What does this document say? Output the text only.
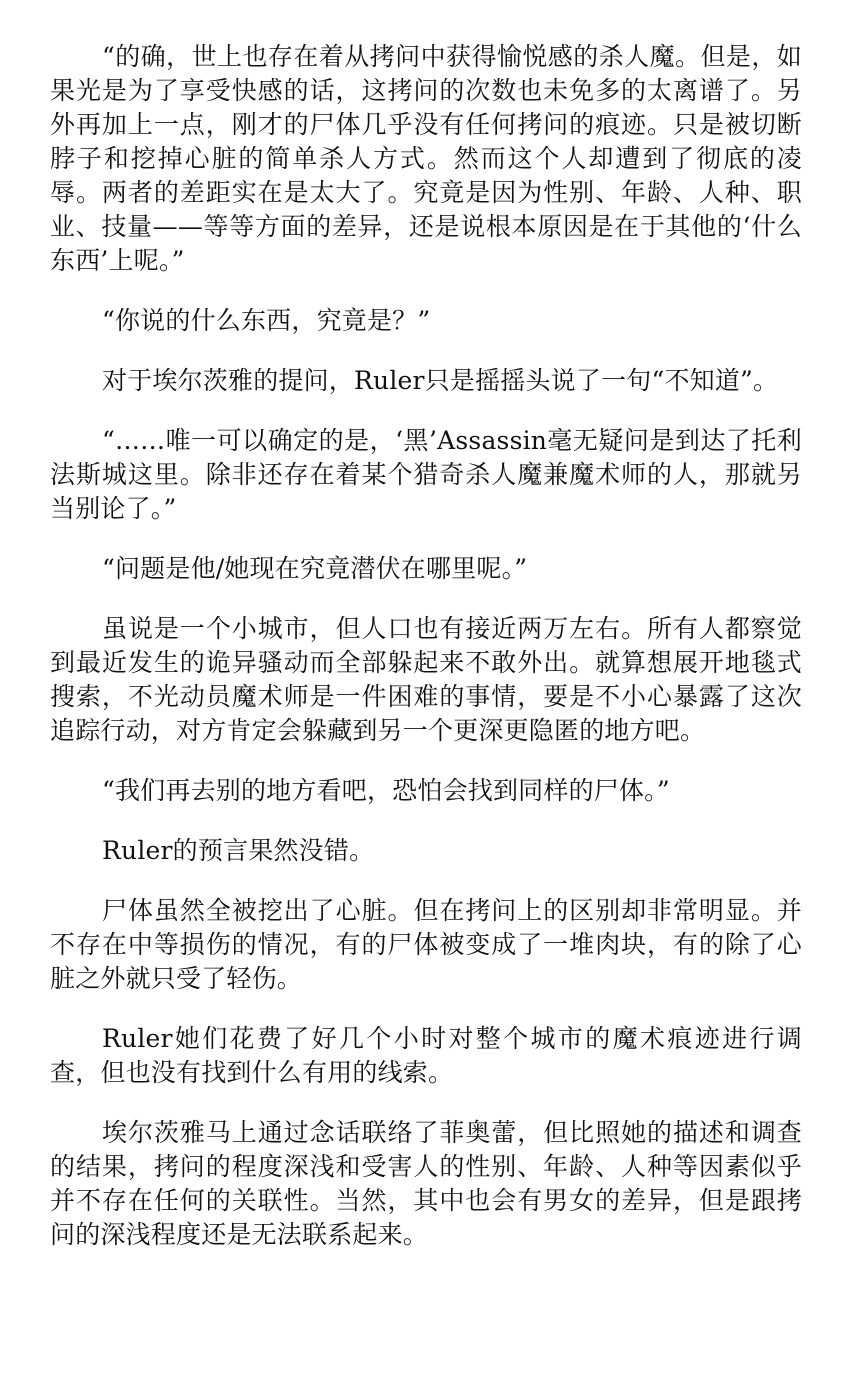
“的确，世上也存在着从拷问中获得愉悦感的杀人魔。但是，如果光是为了享受快感的话，这拷问的次数也未免多的太离谱了。另外再加上一点，刚才的尸体几乎没有任何拷问的痕迹。只是被切断脖子和挖掉心脏的简单杀人方式。然而这个人却遭到了彻底的凌辱。两者的差距实在是太大了。究竟是因为性别、年龄、人种、职业、技量——等等方面的差异，还是说根本原因是在于其他的‘什么东西’上呢。”

“你说的什么东西，究竟是？”

对于埃尔茨雅的提问，Ruler只是摇摇头说了一句“不知道”。

“……唯一可以确定的是，‘黑’Assassin毫无疑问是到达了托利法斯城这里。除非还存在着某个猎奇杀人魔兼魔术师的人，那就另当别论了。”

“问题是他/她现在究竟潜伏在哪里呢。”

虽说是一个小城市，但人口也有接近两万左右。所有人都察觉到最近发生的诡异骚动而全部躲起来不敢外出。就算想展开地毯式搜索，不光动员魔术师是一件困难的事情，要是不小心暴露了这次追踪行动，对方肯定会躲藏到另一个更深更隐匿的地方吧。

“我们再去别的地方看吧，恐怕会找到同样的尸体。”

Ruler的预言果然没错。

尸体虽然全被挖出了心脏。但在拷问上的区别却非常明显。并不存在中等损伤的情况，有的尸体被变成了一堆肉块，有的除了心脏之外就只受了轻伤。

Ruler她们花费了好几个小时对整个城市的魔术痕迹进行调查，但也没有找到什么有用的线索。

埃尔茨雅马上通过念话联络了菲奥蕾，但比照她的描述和调查的结果，拷问的程度深浅和受害人的性别、年龄、人种等因素似乎并不存在任何的关联性。当然，其中也会有男女的差异，但是跟拷问的深浅程度还是无法联系起来。
